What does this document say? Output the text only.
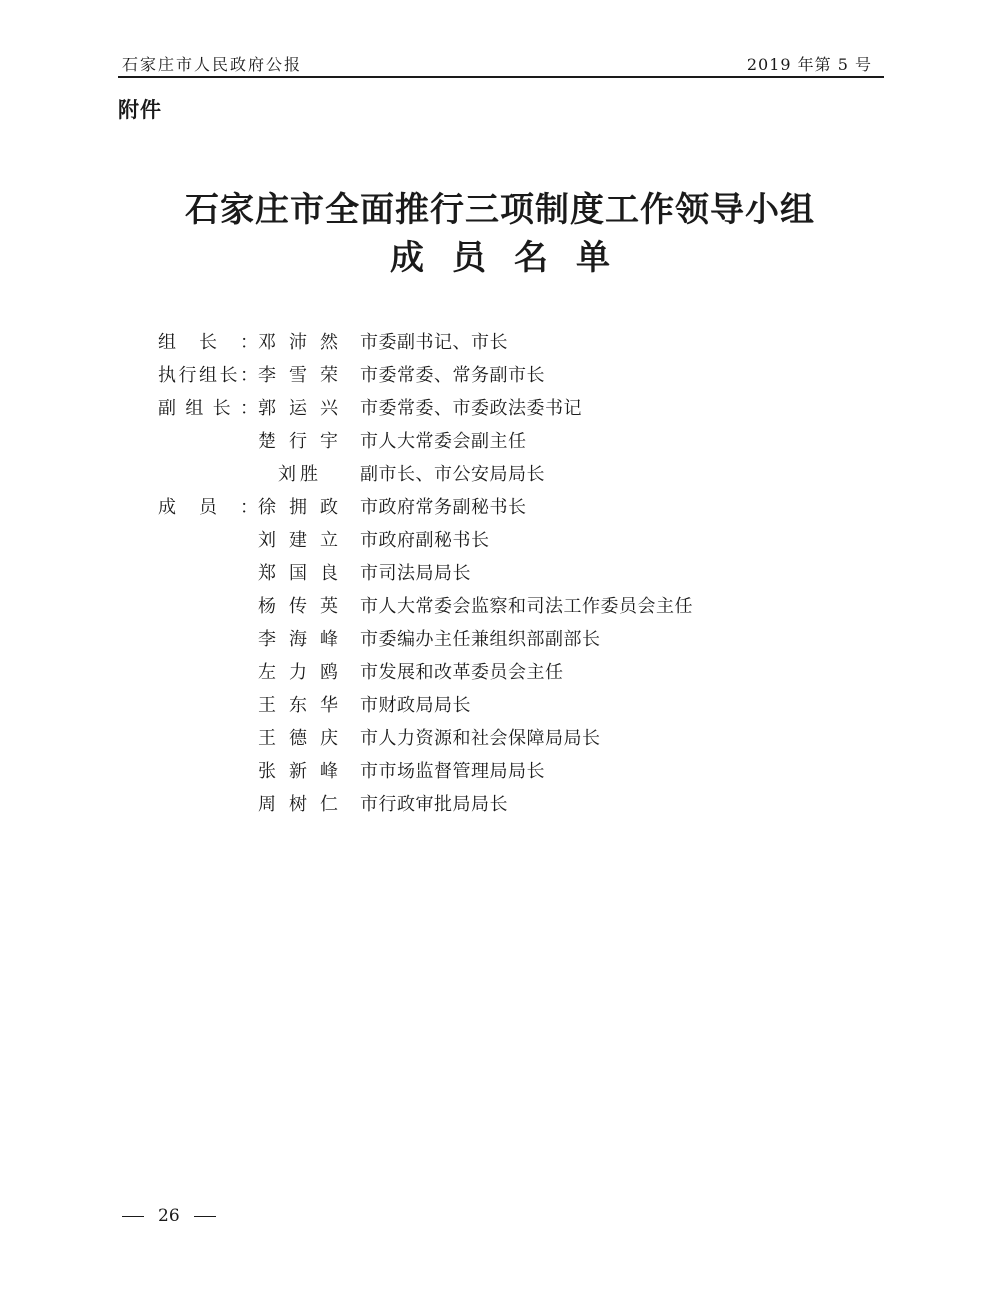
石家庄市人民政府公报	2019 年第 5 号
附件
石家庄市全面推行三项制度工作领导小组
成员名单
组长：邓沛然 市委副书记、市长
执行组长：李雪荣 市委常委、常务副市长
副组长：郭运兴 市委常委、市委政法委书记
楚行宇 市人大常委会副主任
刘胜 副市长、市公安局局长
成员：徐拥政 市政府常务副秘书长
刘建立 市政府副秘书长
郑国良 市司法局局长
杨传英 市人大常委会监察和司法工作委员会主任
李海峰 市委编办主任兼组织部副部长
左力鸥 市发展和改革委员会主任
王东华 市财政局局长
王德庆 市人力资源和社会保障局局长
张新峰 市市场监督管理局局长
周树仁 市行政审批局局长
26
